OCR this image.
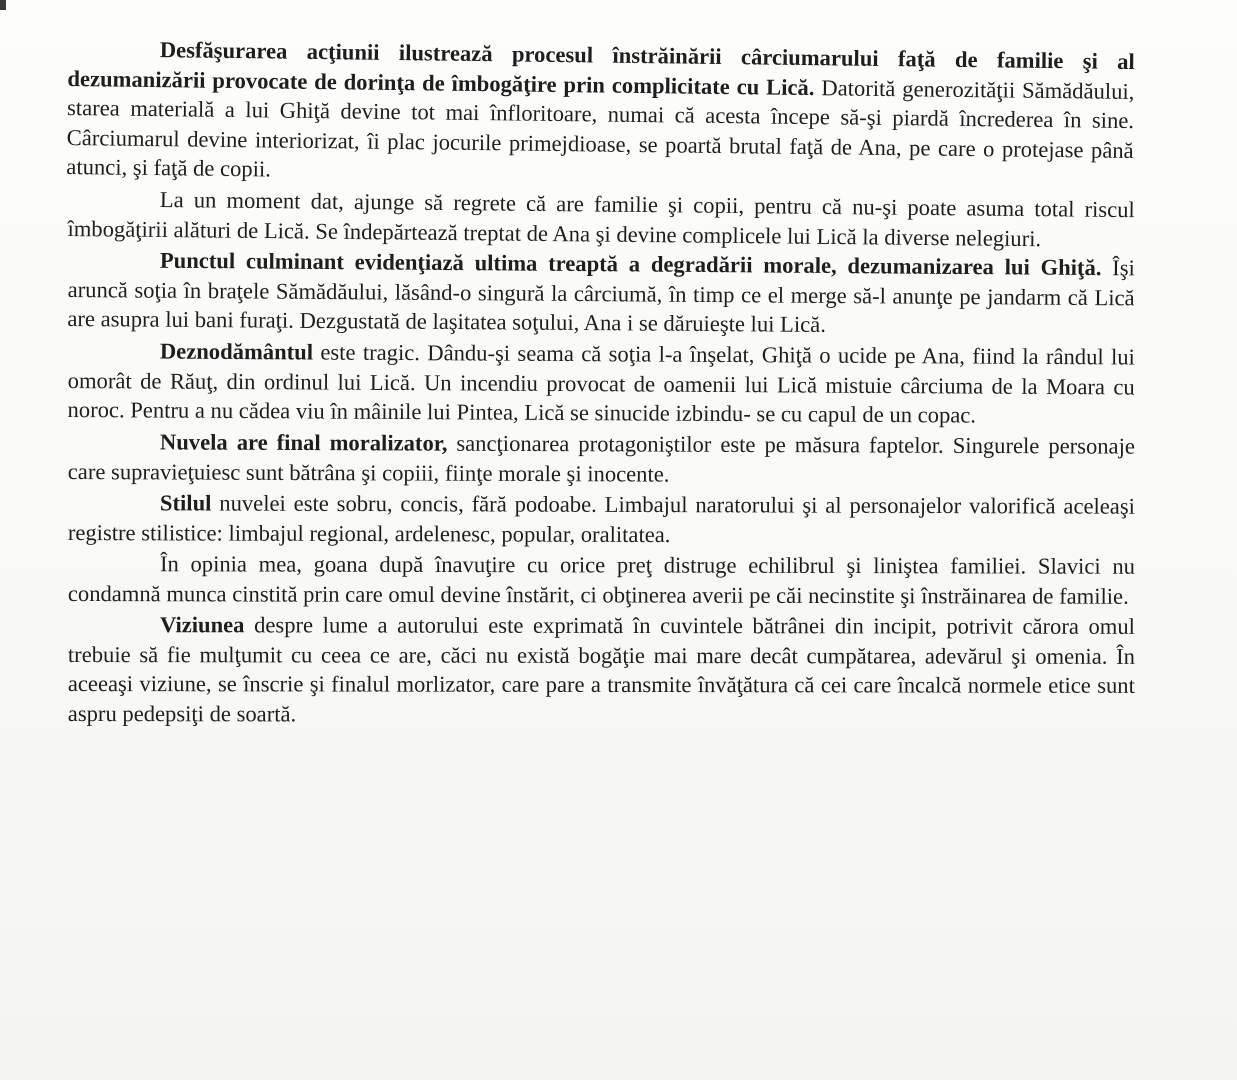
Desfăşurarea acţiunii ilustrează procesul înstrăinării cârciumarului faţă de familie şi al dezumanizării provocate de dorinţa de îmbogăţire prin complicitate cu Lică. Datorită generozităţii Sămădăului, starea materială a lui Ghiţă devine tot mai înfloritoare, numai că acesta începe să-şi piardă încrederea în sine. Cârciumarul devine interiorizat, îi plac jocurile primejdioase, se poartă brutal faţă de Ana, pe care o protejase până atunci, şi faţă de copii.

La un moment dat, ajunge să regrete că are familie şi copii, pentru că nu-şi poate asuma total riscul îmbogăţirii alături de Lică. Se îndepărtează treptat de Ana şi devine complicele lui Lică la diverse nelegiuri.

Punctul culminant evidenţiază ultima treaptă a degradării morale, dezumanizarea lui Ghiţă. Îşi aruncă soţia în braţele Sămădăului, lăsând-o singură la cârciumă, în timp ce el merge să-l anunţe pe jandarm că Lică are asupra lui bani furaţi. Dezgustată de laşitatea soţului, Ana i se dăruieşte lui Lică.

Deznodământul este tragic. Dându-şi seama că soţia l-a înşelat, Ghiţă o ucide pe Ana, fiind la rândul lui omorât de Răuţ, din ordinul lui Lică. Un incendiu provocat de oamenii lui Lică mistuie cârciuma de la Moara cu noroc. Pentru a nu cădea viu în mâinile lui Pintea, Lică se sinucide izbindu- se cu capul de un copac.

Nuvela are final moralizator, sancţionarea protagoniştilor este pe măsura faptelor. Singurele personaje care supravieţuiesc sunt bătrâna şi copiii, fiinţe morale şi inocente.

Stilul nuvelei este sobru, concis, fără podoabe. Limbajul naratorului şi al personajelor valorifică aceleaşi registre stilistice: limbajul regional, ardelenesc, popular, oralitatea.

În opinia mea, goana după înavuţire cu orice preţ distruge echilibrul şi liniştea familiei. Slavici nu condamnă munca cinstită prin care omul devine înstărit, ci obţinerea averii pe căi necinstite şi înstrăinarea de familie.

Viziunea despre lume a autorului este exprimată în cuvintele bătrânei din incipit, potrivit cărora omul trebuie să fie mulţumit cu ceea ce are, căci nu există bogăţie mai mare decât cumpătarea, adevărul şi omenia. În aceeaşi viziune, se înscrie şi finalul morlizator, care pare a transmite învăţătura că cei care încalcă normele etice sunt aspru pedepsiţi de soartă.
